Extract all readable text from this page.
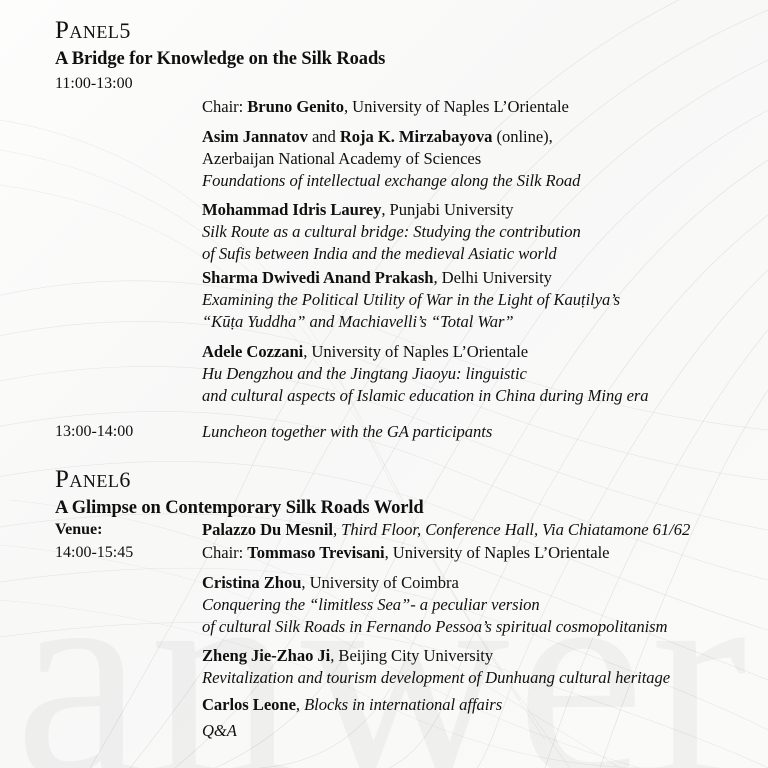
Panel5
A Bridge for Knowledge on the Silk Roads
11:00-13:00
Chair: Bruno Genito, University of Naples L’Orientale
Asim Jannatov and Roja K. Mirzabayova (online),
Azerbaijan National Academy of Sciences
Foundations of intellectual exchange along the Silk Road
Mohammad Idris Laurey, Punjabi University
Silk Route as a cultural bridge: Studying the contribution
of Sufis between India and the medieval Asiatic world
Sharma Dwivedi Anand Prakash, Delhi University
Examining the Political Utility of War in the Light of Kauṭilya’s
“Kūṭa Yuddha” and Machiavelli’s “Total War”
Adele Cozzani, University of Naples L’Orientale
Hu Dengzhou and the Jingtang Jiaoyu: linguistic
and cultural aspects of Islamic education in China during Ming era
13:00-14:00	Luncheon together with the GA participants
Panel6
A Glimpse on Contemporary Silk Roads World
Venue:	Palazzo Du Mesnil, Third Floor, Conference Hall, Via Chiatamone 61/62
14:00-15:45	Chair: Tommaso Trevisani, University of Naples L’Orientale
Cristina Zhou, University of Coimbra
Conquering the “limitless Sea”- a peculiar version
of cultural Silk Roads in Fernando Pessoa’s spiritual cosmopolitanism
Zheng Jie-Zhao Ji, Beijing City University
Revitalization and tourism development of Dunhuang cultural heritage
Carlos Leone, Blocks in international affairs
Q&A
